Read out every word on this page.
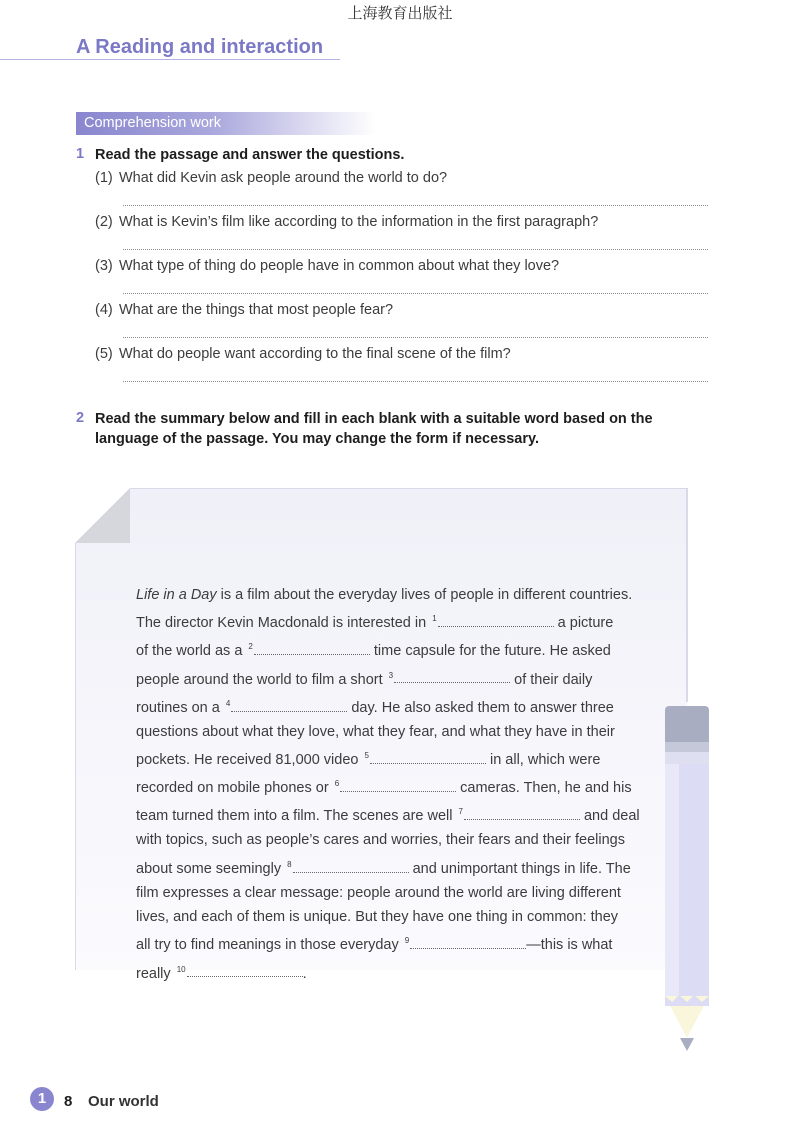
上海教育出版社
A Reading and interaction
Comprehension work
1 Read the passage and answer the questions.
(1) What did Kevin ask people around the world to do?
(2) What is Kevin’s film like according to the information in the first paragraph?
(3) What type of thing do people have in common about what they love?
(4) What are the things that most people fear?
(5) What do people want according to the final scene of the film?
2 Read the summary below and fill in each blank with a suitable word based on the language of the passage. You may change the form if necessary.

Life in a Day is a film about the everyday lives of people in different countries.

The director Kevin Macdonald is interested in $^1$	a picture

of the world as a $^2$	time capsule for the future. He asked

people around the world to film a short $^3$	of their daily

routines on a $^4$	day. He also asked them to answer three

questions about what they love, what they fear, and what they have in their

pockets. He received 81,000 video $^5$	in all, which were

recorded on mobile phones or $^6$	cameras. Then, he and his

team turned them into a film. The scenes are well $^7$	and deal

with topics, such as people’s cares and worries, their fears and their feelings

about some seemingly $^8$	and unimportant things in life. The

film expresses a clear message: people around the world are living different

lives, and each of them is unique. But they have one thing in common: they

all try to find meanings in those everyday $^9$	—this is what

really $^{10}$	.

1	8 Our world
